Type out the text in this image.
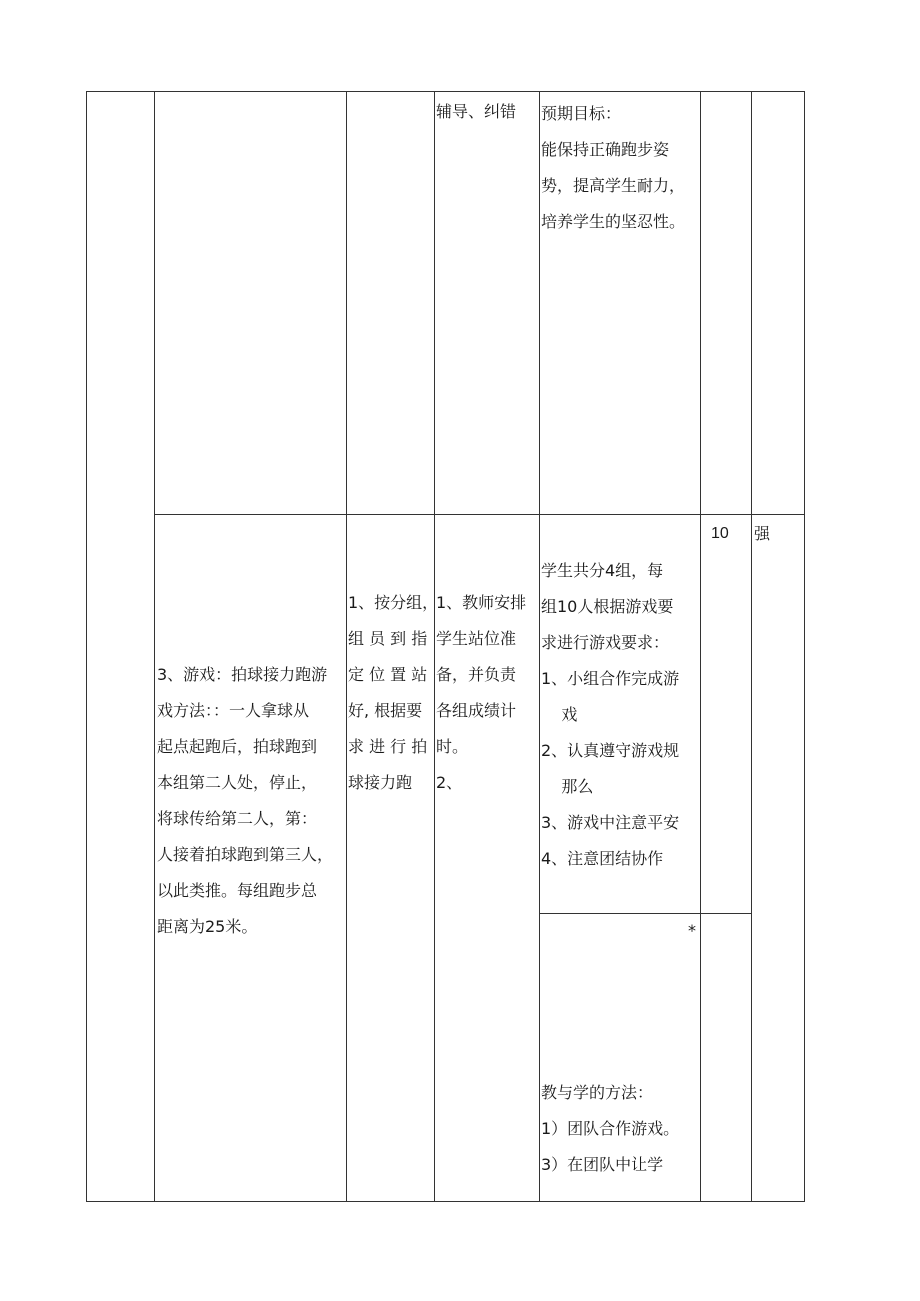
辅导、纠错 预期目标：
能保持正确跑步姿
势，提高学生耐力，
培养学生的坚忍性。
3、游戏：拍球接力跑游
戏方法：：一人拿球从
起点起跑后，拍球跑到
本组第二人处，停止，
将球传给第二人，第：
人接着拍球跑到第三人，
以此类推。每组跑步总
距离为25米。
1、按分组，
组 员 到 指
定 位 置 站
好, 根据要
求 进 行 拍
球接力跑
1、教师安排
学生站位准
备，并负责
各组成绩计
时。
2、
学生共分4组，每
组10人根据游戏要
求进行游戏要求：
1、小组合作完成游
戏
2、认真遵守游戏规
那么
3、游戏中注意平安
4、注意团结协作
*
教与学的方法：
1）团队合作游戏。
3）在团队中让学
10 强
